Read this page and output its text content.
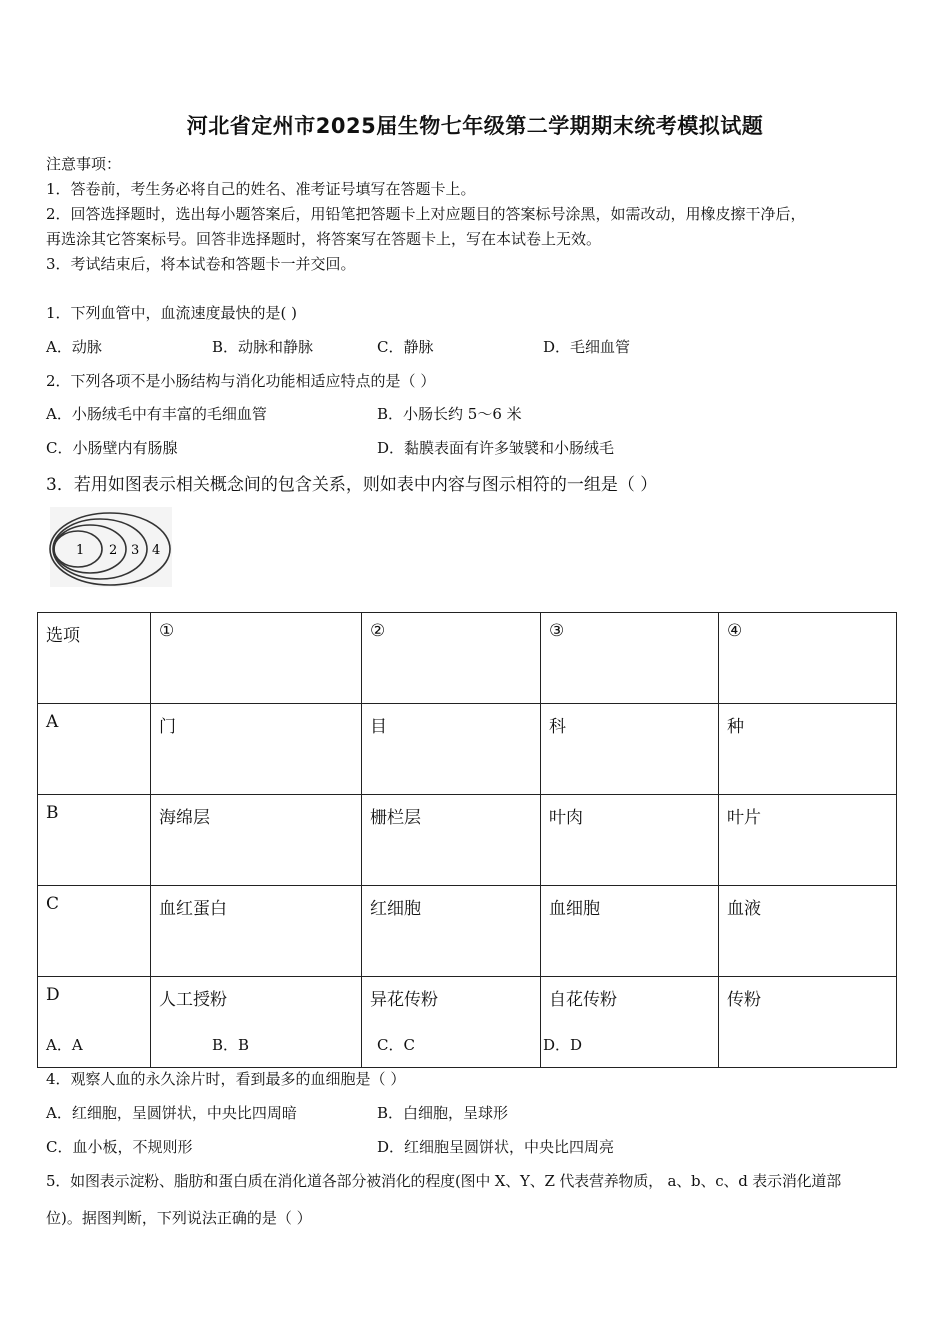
河北省定州市2025届生物七年级第二学期期末统考模拟试题
注意事项：
1．答卷前，考生务必将自己的姓名、准考证号填写在答题卡上。
2．回答选择题时，选出每小题答案后，用铅笔把答题卡上对应题目的答案标号涂黑，如需改动，用橡皮擦干净后，
再选涂其它答案标号。回答非选择题时，将答案写在答题卡上，写在本试卷上无效。
3．考试结束后，将本试卷和答题卡一并交回。
1．下列血管中，血流速度最快的是( )
A．动脉	B．动脉和静脉	C．静脉	D．毛细血管
2．下列各项不是小肠结构与消化功能相适应特点的是（ ）
A．小肠绒毛中有丰富的毛细血管	B．小肠长约 5～6 米
C．小肠壁内有肠腺	D．黏膜表面有许多皱襞和小肠绒毛
3．若用如图表示相关概念间的包含关系，则如表中内容与图示相符的一组是（ ）
1 2 3 4
选项	①	②	③	④
A	门	目	科	种
B	海绵层	栅栏层	叶肉	叶片
C	血红蛋白	红细胞	血细胞	血液
D	人工授粉	异花传粉	自花传粉	传粉
A．A	B．B	C．C	D．D
4．观察人血的永久涂片时，看到最多的血细胞是（ ）
A．红细胞，呈圆饼状，中央比四周暗	B．白细胞，呈球形
C．血小板，不规则形	D．红细胞呈圆饼状，中央比四周亮
5．如图表示淀粉、脂肪和蛋白质在消化道各部分被消化的程度(图中 X、Y、Z 代表营养物质， a、b、c、d 表示消化道部
位)。据图判断，下列说法正确的是（ ）
